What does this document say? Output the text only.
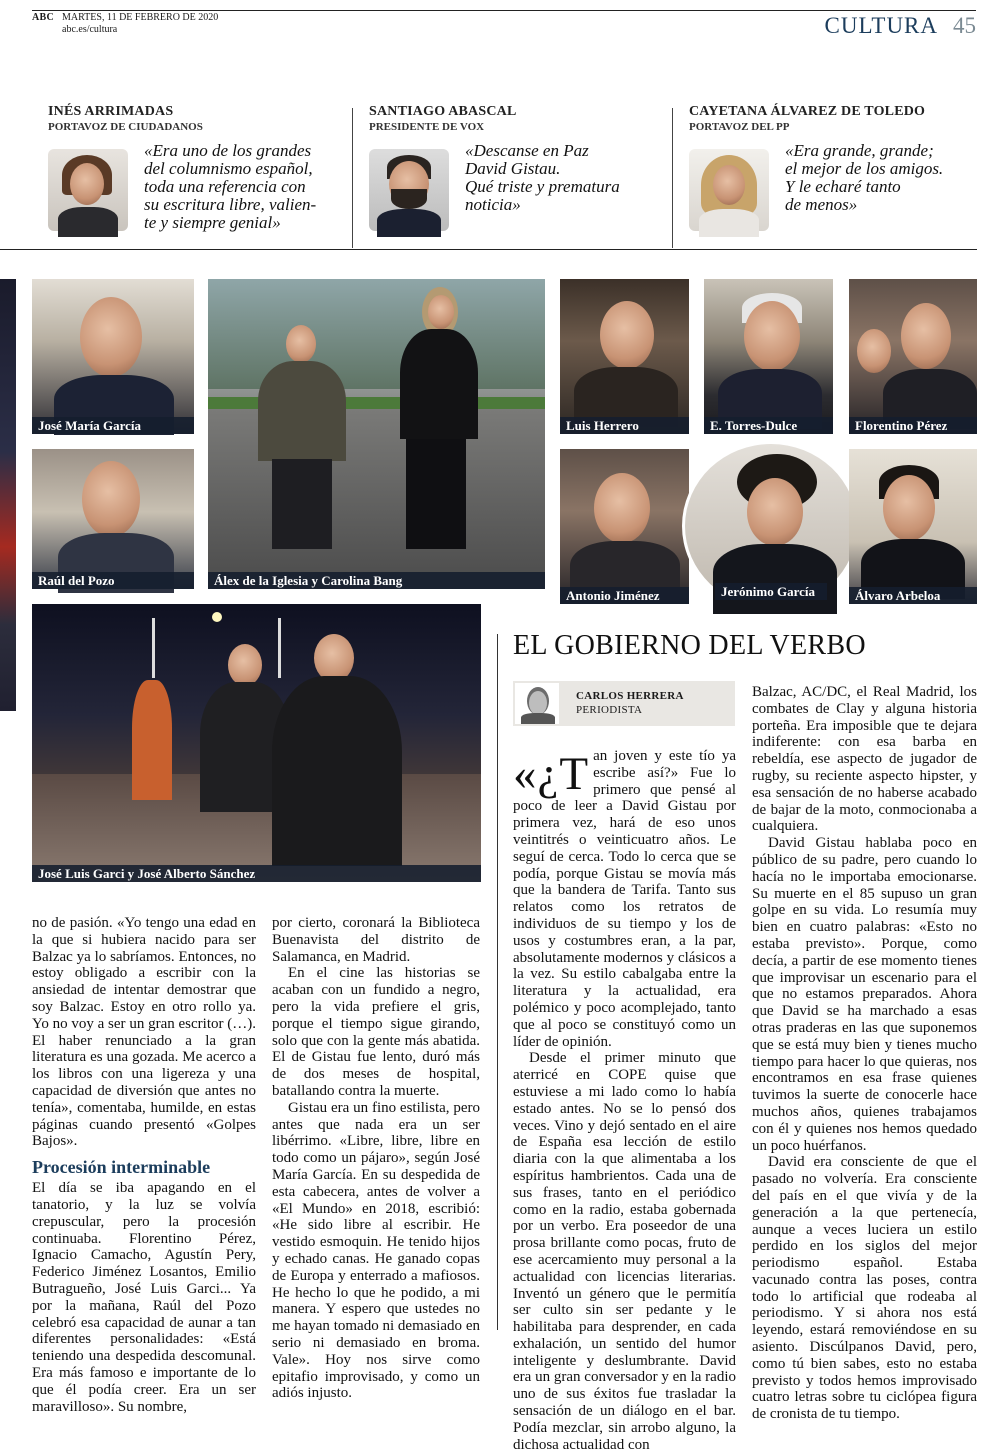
ABC MARTES, 11 DE FEBRERO DE 2020
abc.es/cultura	CULTURA 45
INÉS ARRIMADAS
PORTAVOZ DE CIUDADANOS
«Era uno de los grandes
del columnismo español,
toda una referencia con
su escritura libre, valien-
te y siempre genial»
SANTIAGO ABASCAL
PRESIDENTE DE VOX
«Descanse en Paz
David Gistau.
Qué triste y prematura
noticia»
CAYETANA ÁLVAREZ DE TOLEDO
PORTAVOZ DEL PP
«Era grande, grande;
el mejor de los amigos.
Y le echaré tanto
de menos»
José María García
Raúl del Pozo	Álex de la Iglesia y Carolina Bang
Luis Herrero	E. Torres-Dulce	Florentino Pérez
Antonio Jiménez	Jerónimo García	Álvaro Arbeloa
José Luis Garci y José Alberto Sánchez

no de pasión. «Yo tengo una edad en la que si hubiera nacido para ser Balzac ya lo sabríamos. Entonces, no estoy obligado a escribir con la ansiedad de intentar demostrar que soy Balzac. Estoy en otro rollo ya. Yo no voy a ser un gran escritor (…). El haber renunciado a la gran literatura es una gozada. Me acerco a los libros con una ligereza y una capacidad de diversión que antes no tenía», comentaba, humilde, en estas páginas cuando presentó «Golpes Bajos».

Procesión interminable

El día se iba apagando en el tanatorio, y la luz se volvía crepuscular, pero la procesión continuaba. Florentino Pérez, Ignacio Camacho, Agustín Pery, Federico Jiménez Losantos, Emilio Butragueño, José Luis Garci... Ya por la mañana, Raúl del Pozo celebró esa capacidad de aunar a tan diferentes personalidades: «Está teniendo una despedida descomunal. Era más famoso e importante de lo que él podía creer. Era un ser maravilloso». Su nombre,

por cierto, coronará la Biblioteca Buenavista del distrito de Salamanca, en Madrid.

En el cine las historias se acaban con un fundido a negro, pero la vida prefiere el gris, porque el tiempo sigue girando, solo que con la gente más abatida. El de Gistau fue lento, duró más de dos meses de hospital, batallando contra la muerte.

Gistau era un fino estilista, pero antes que nada era un ser libérrimo. «Libre, libre, libre en todo como un pájaro», según José María García. En su despedida de esta cabecera, antes de volver a «El Mundo» en 2018, escribió: «He sido libre al escribir. He vestido esmoquin. He tenido hijos y echado canas. He ganado copas de Europa y enterrado a mafiosos. He hecho lo que he podido, a mi manera. Y espero que ustedes no me hayan tomado ni demasiado en serio ni demasiado en broma. Vale». Hoy nos sirve como epitafio improvisado, y como un adiós injusto.

EL GOBIERNO DEL VERBO
CARLOS HERRERA
PERIODISTA

«¿T an joven y este tío ya escribe así?» Fue lo primero que pensé al poco de leer a David Gistau por primera vez, hará de eso unos veintitrés o veinticuatro años. Le seguí de cerca. Todo lo cerca que se podía, porque Gistau se movía más que la bandera de Tarifa. Tanto sus relatos como los retratos de individuos de su tiempo y los de usos y costumbres eran, a la par, absolutamente modernos y clásicos a la vez. Su estilo cabalgaba entre la literatura y la actualidad, era polémico y poco acomplejado, tanto que al poco se constituyó como un líder de opinión.

Desde el primer minuto que aterricé en COPE quise que estuviese a mi lado como lo había estado antes. No se lo pensó dos veces. Vino y dejó sentado en el aire de España esa lección de estilo diaria con la que alimentaba a los espíritus hambrientos. Cada una de sus frases, tanto en el periódico como en la radio, estaba gobernada por un verbo. Era poseedor de una prosa brillante como pocas, fruto de ese acercamiento muy personal a la actualidad con licencias literarias. Inventó un género que le permitía ser culto sin ser pedante y le habilitaba para desprender, en cada exhalación, un sentido del humor inteligente y deslumbrante. David era un gran conversador y en la radio uno de sus éxitos fue trasladar la sensación de un diálogo en el bar. Podía mezclar, sin arrobo alguno, la dichosa actualidad con

Balzac, AC/DC, el Real Madrid, los combates de Clay y alguna historia porteña. Era imposible que te dejara indiferente: con esa barba en rebeldía, ese aspecto de jugador de rugby, su reciente aspecto hipster, y esa sensación de no haberse acabado de bajar de la moto, conmocionaba a cualquiera.

David Gistau hablaba poco en público de su padre, pero cuando lo hacía no le importaba emocionarse. Su muerte en el 85 supuso un gran golpe en su vida. Lo resumía muy bien en cuatro palabras: «Esto no estaba previsto». Porque, como decía, a partir de ese momento tienes que improvisar un escenario para el que no estamos preparados. Ahora que David se ha marchado a esas otras praderas en las que suponemos que se está muy bien y tienes mucho tiempo para hacer lo que quieras, nos encontramos en esa frase quienes tuvimos la suerte de conocerle hace muchos años, quienes trabajamos con él y quienes nos hemos quedado un poco huérfanos.

David era consciente de que el pasado no volvería. Era consciente del país en el que vivía y de la generación a la que pertenecía, aunque a veces luciera un estilo perdido en los siglos del mejor periodismo español. Estaba vacunado contra las poses, contra todo lo artificial que rodeaba al periodismo. Y si ahora nos está leyendo, estará removiéndose en su asiento. Discúlpanos David, pero, como tú bien sabes, esto no estaba previsto y todos hemos improvisado cuatro letras sobre tu ciclópea figura de cronista de tu tiempo.
